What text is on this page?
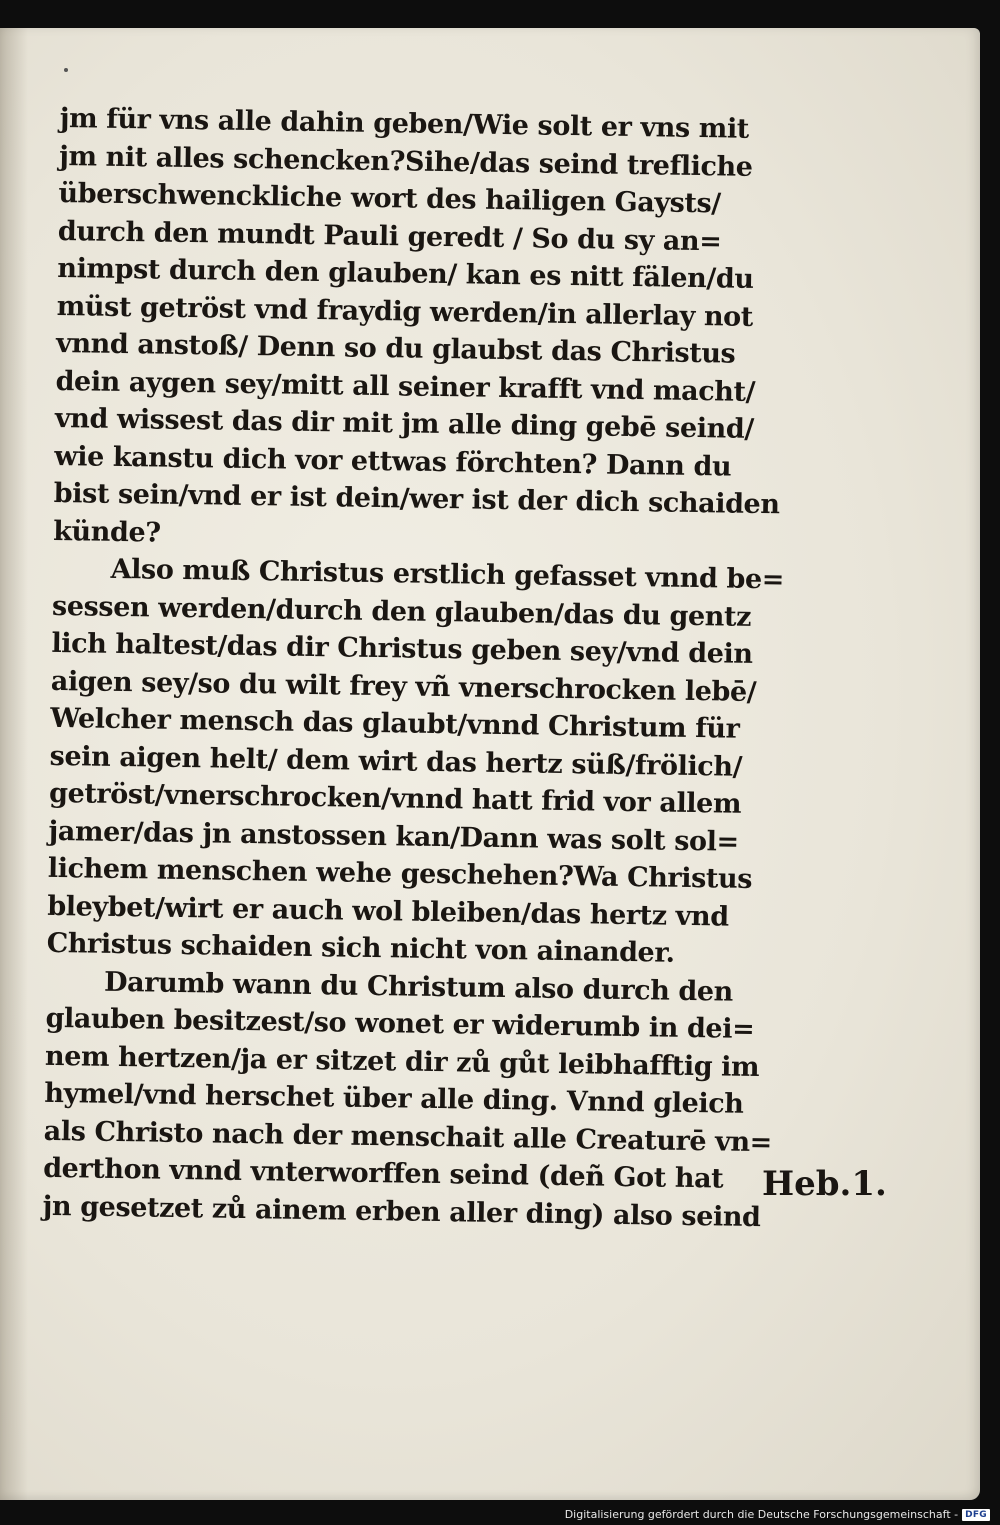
jm für vns alle dahin geben/Wie solt er vns mit
jm nit alles schencken?Sihe/das seind trefliche
überschwenckliche wort des hailigen Gaysts/
durch den mundt Pauli geredt / So du sy an=
nimpst durch den glauben/ kan es nitt fälen/du
müst getröst vnd fraydig werden/in allerlay not
vnnd anstoß/ Denn so du glaubst das Christus
dein aygen sey/mitt all seiner krafft vnd macht/
vnd wissest das dir mit jm alle ding gebē seind/
wie kanstu dich vor ettwas förchten? Dann du
bist sein/vnd er ist dein/wer ist der dich schaiden
künde?
Also muß Christus erstlich gefasset vnnd be=
sessen werden/durch den glauben/das du gentz
lich haltest/das dir Christus geben sey/vnd dein
aigen sey/so du wilt frey vñ vnerschrocken lebē/
Welcher mensch das glaubt/vnnd Christum für
sein aigen helt/ dem wirt das hertz süß/frölich/
getröst/vnerschrocken/vnnd hatt frid vor allem
jamer/das jn anstossen kan/Dann was solt sol=
lichem menschen wehe geschehen?Wa Christus
bleybet/wirt er auch wol bleiben/das hertz vnd
Christus schaiden sich nicht von ainander.
Darumb wann du Christum also durch den
glauben besitzest/so wonet er widerumb in dei=
nem hertzen/ja er sitzet dir zů gůt leibhafftig im
hymel/vnd herschet über alle ding. Vnnd gleich
als Christo nach der menschait alle Creaturē vn=
derthon vnnd vnterworffen seind (deñ Got hat
jn gesetzet zů ainem erben aller ding) also seind
Heb.1.
Digitalisierung gefördert durch die Deutsche Forschungsgemeinschaft - DFG
